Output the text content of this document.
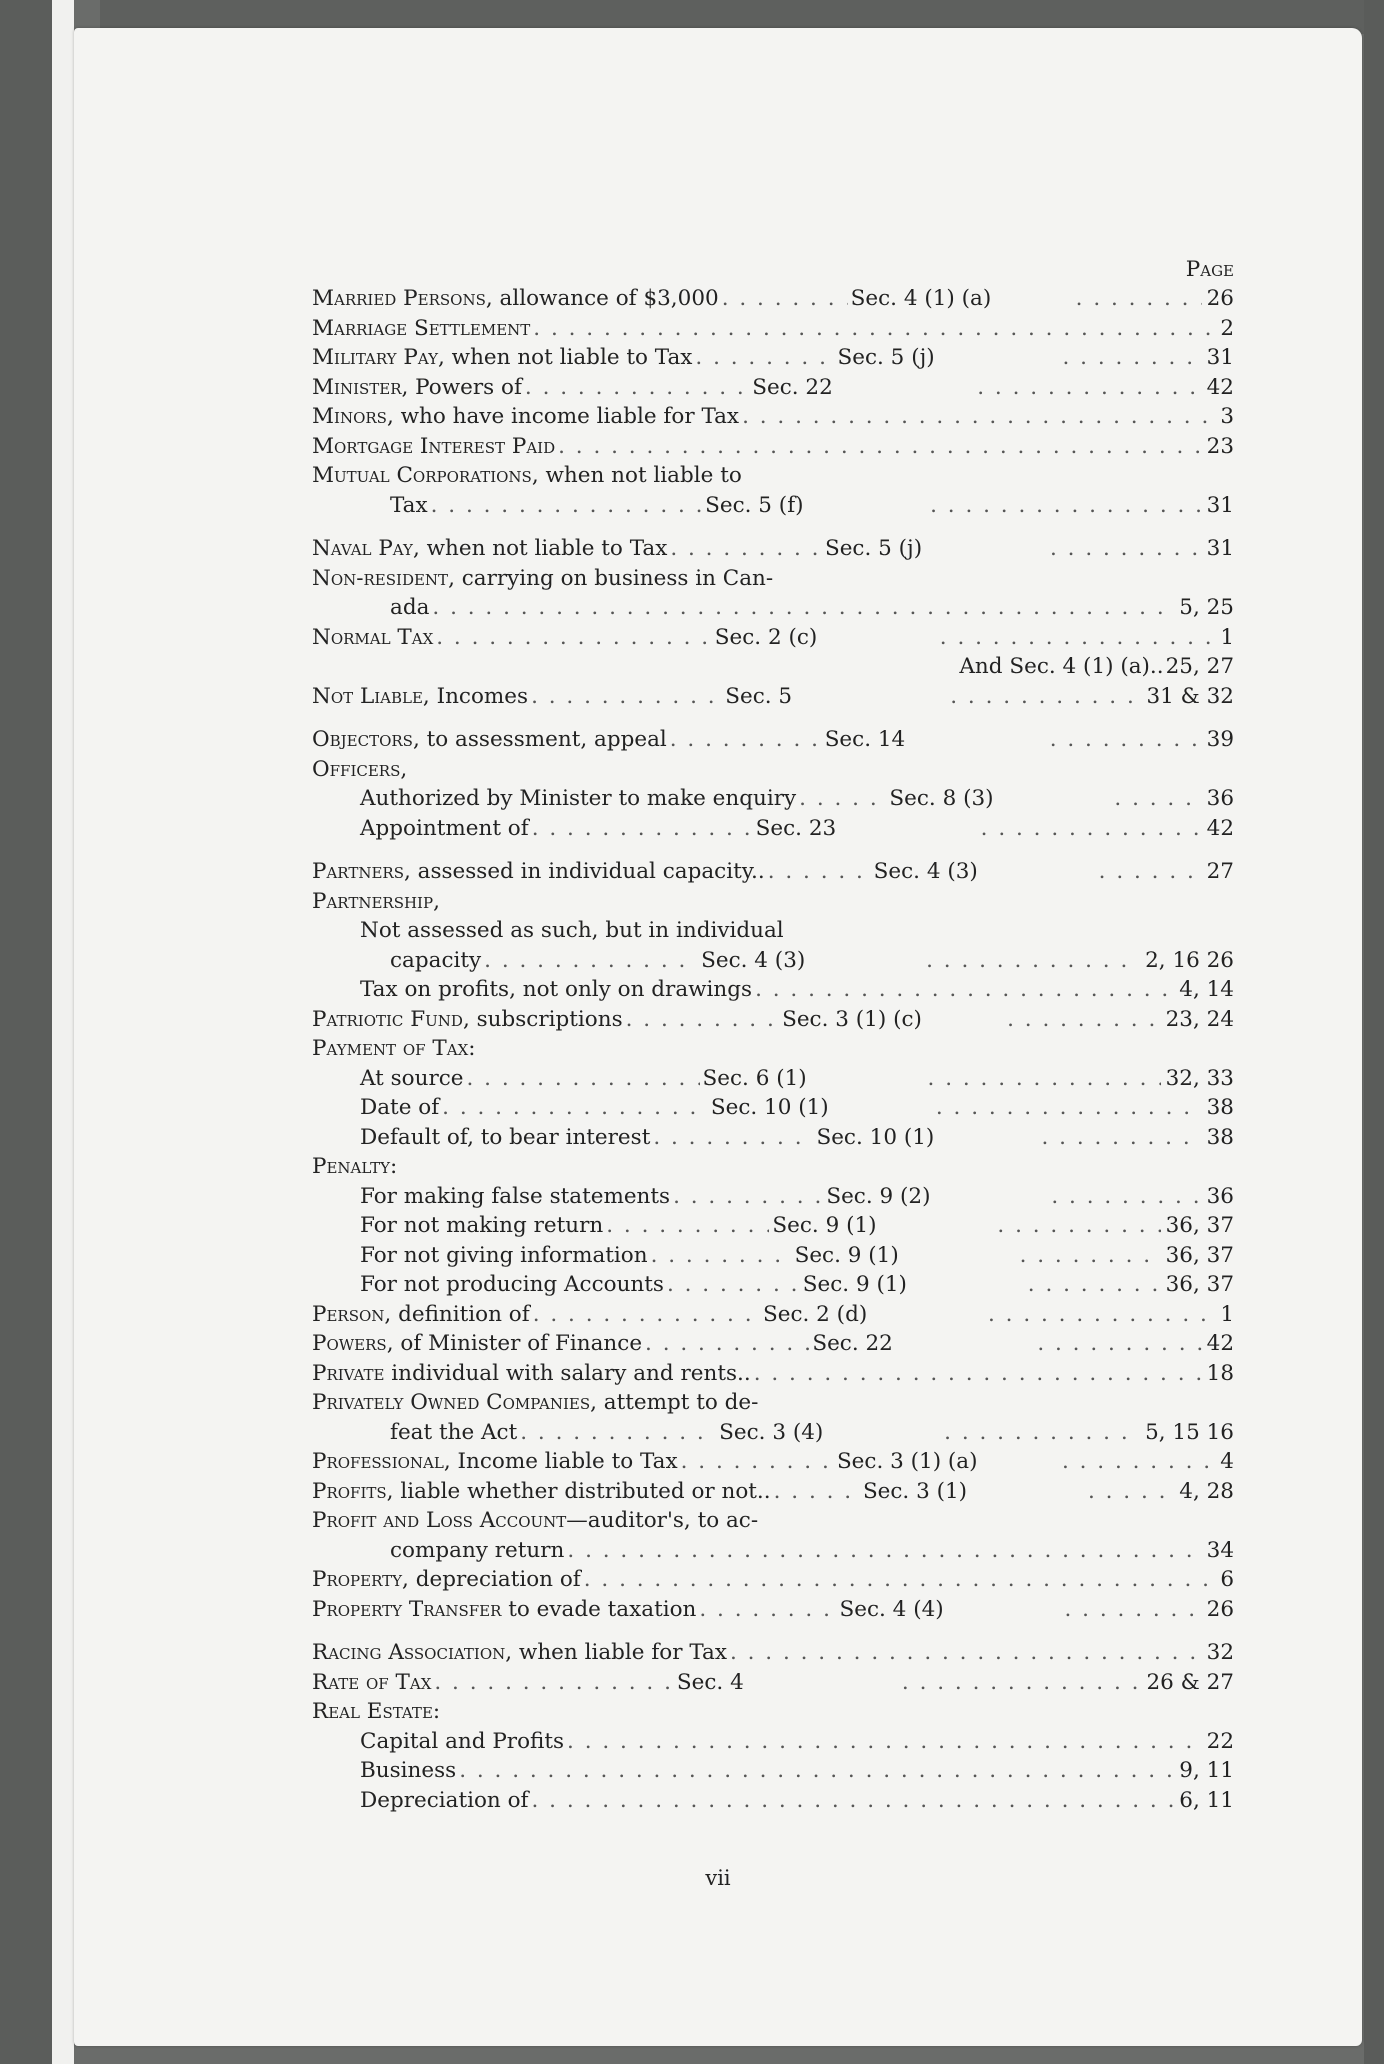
Page
Married Persons, allowance of $3,000 . . .	Sec. 4 (1) (a) . . .	26
Marriage Settlement . . .	2
Military Pay, when not liable to Tax . . .	Sec. 5 (j) . . .	31
Minister, Powers of . . .	Sec. 22 . . .	42
Minors, who have income liable for Tax . . .	3
Mortgage Interest Paid . . .	23
Mutual Corporations, when not liable to
Tax . . .	Sec. 5 (f) . . .	31
Naval Pay, when not liable to Tax . . .	Sec. 5 (j) . . .	31
Non-resident, carrying on business in Can-
ada . . .	5, 25
Normal Tax . . .	Sec. 2 (c) . . .	1
And Sec. 4 (1) (a).. 25, 27
Not Liable, Incomes . . .	Sec. 5 . . .	31 & 32
Objectors, to assessment, appeal . . .	Sec. 14 . . .	39
Officers,
Authorized by Minister to make enquiry . . .	Sec. 8 (3) . . .	36
Appointment of . . .	Sec. 23 . . .	42
Partners, assessed in individual capacity.. . . .	Sec. 4 (3) . . .	27
Partnership,
Not assessed as such, but in individual
capacity . . .	Sec. 4 (3) . . .	2, 16 26
Tax on profits, not only on drawings . . .	4, 14
Patriotic Fund, subscriptions . . .	Sec. 3 (1) (c) . . .	23, 24
Payment of Tax:
At source . . .	Sec. 6 (1) . . .	32, 33
Date of . . .	Sec. 10 (1) . . .	38
Default of, to bear interest . . .	Sec. 10 (1) . . .	38
Penalty:
For making false statements . . .	Sec. 9 (2) . . .	36
For not making return . . .	Sec. 9 (1) . . .	36, 37
For not giving information . . .	Sec. 9 (1) . . .	36, 37
For not producing Accounts . . .	Sec. 9 (1) . . .	36, 37
Person, definition of . . .	Sec. 2 (d) . . .	1
Powers, of Minister of Finance . . .	Sec. 22 . . .	42
Private individual with salary and rents.. . . .	18
Privately Owned Companies, attempt to de-
feat the Act . . .	Sec. 3 (4) . . .	5, 15 16
Professional, Income liable to Tax . . .	Sec. 3 (1) (a) . . .	4
Profits, liable whether distributed or not.. . . .	Sec. 3 (1) . . .	4, 28
Profit and Loss Account—auditor's, to ac-
company return . . .	34
Property, depreciation of . . .	6
Property Transfer to evade taxation . . .	Sec. 4 (4) . . .	26
Racing Association, when liable for Tax . . .	32
Rate of Tax . . .	Sec. 4 . . .	26 & 27
Real Estate:
Capital and Profits . . .	22
Business . . .	9, 11
Depreciation of . . .	6, 11
vii
